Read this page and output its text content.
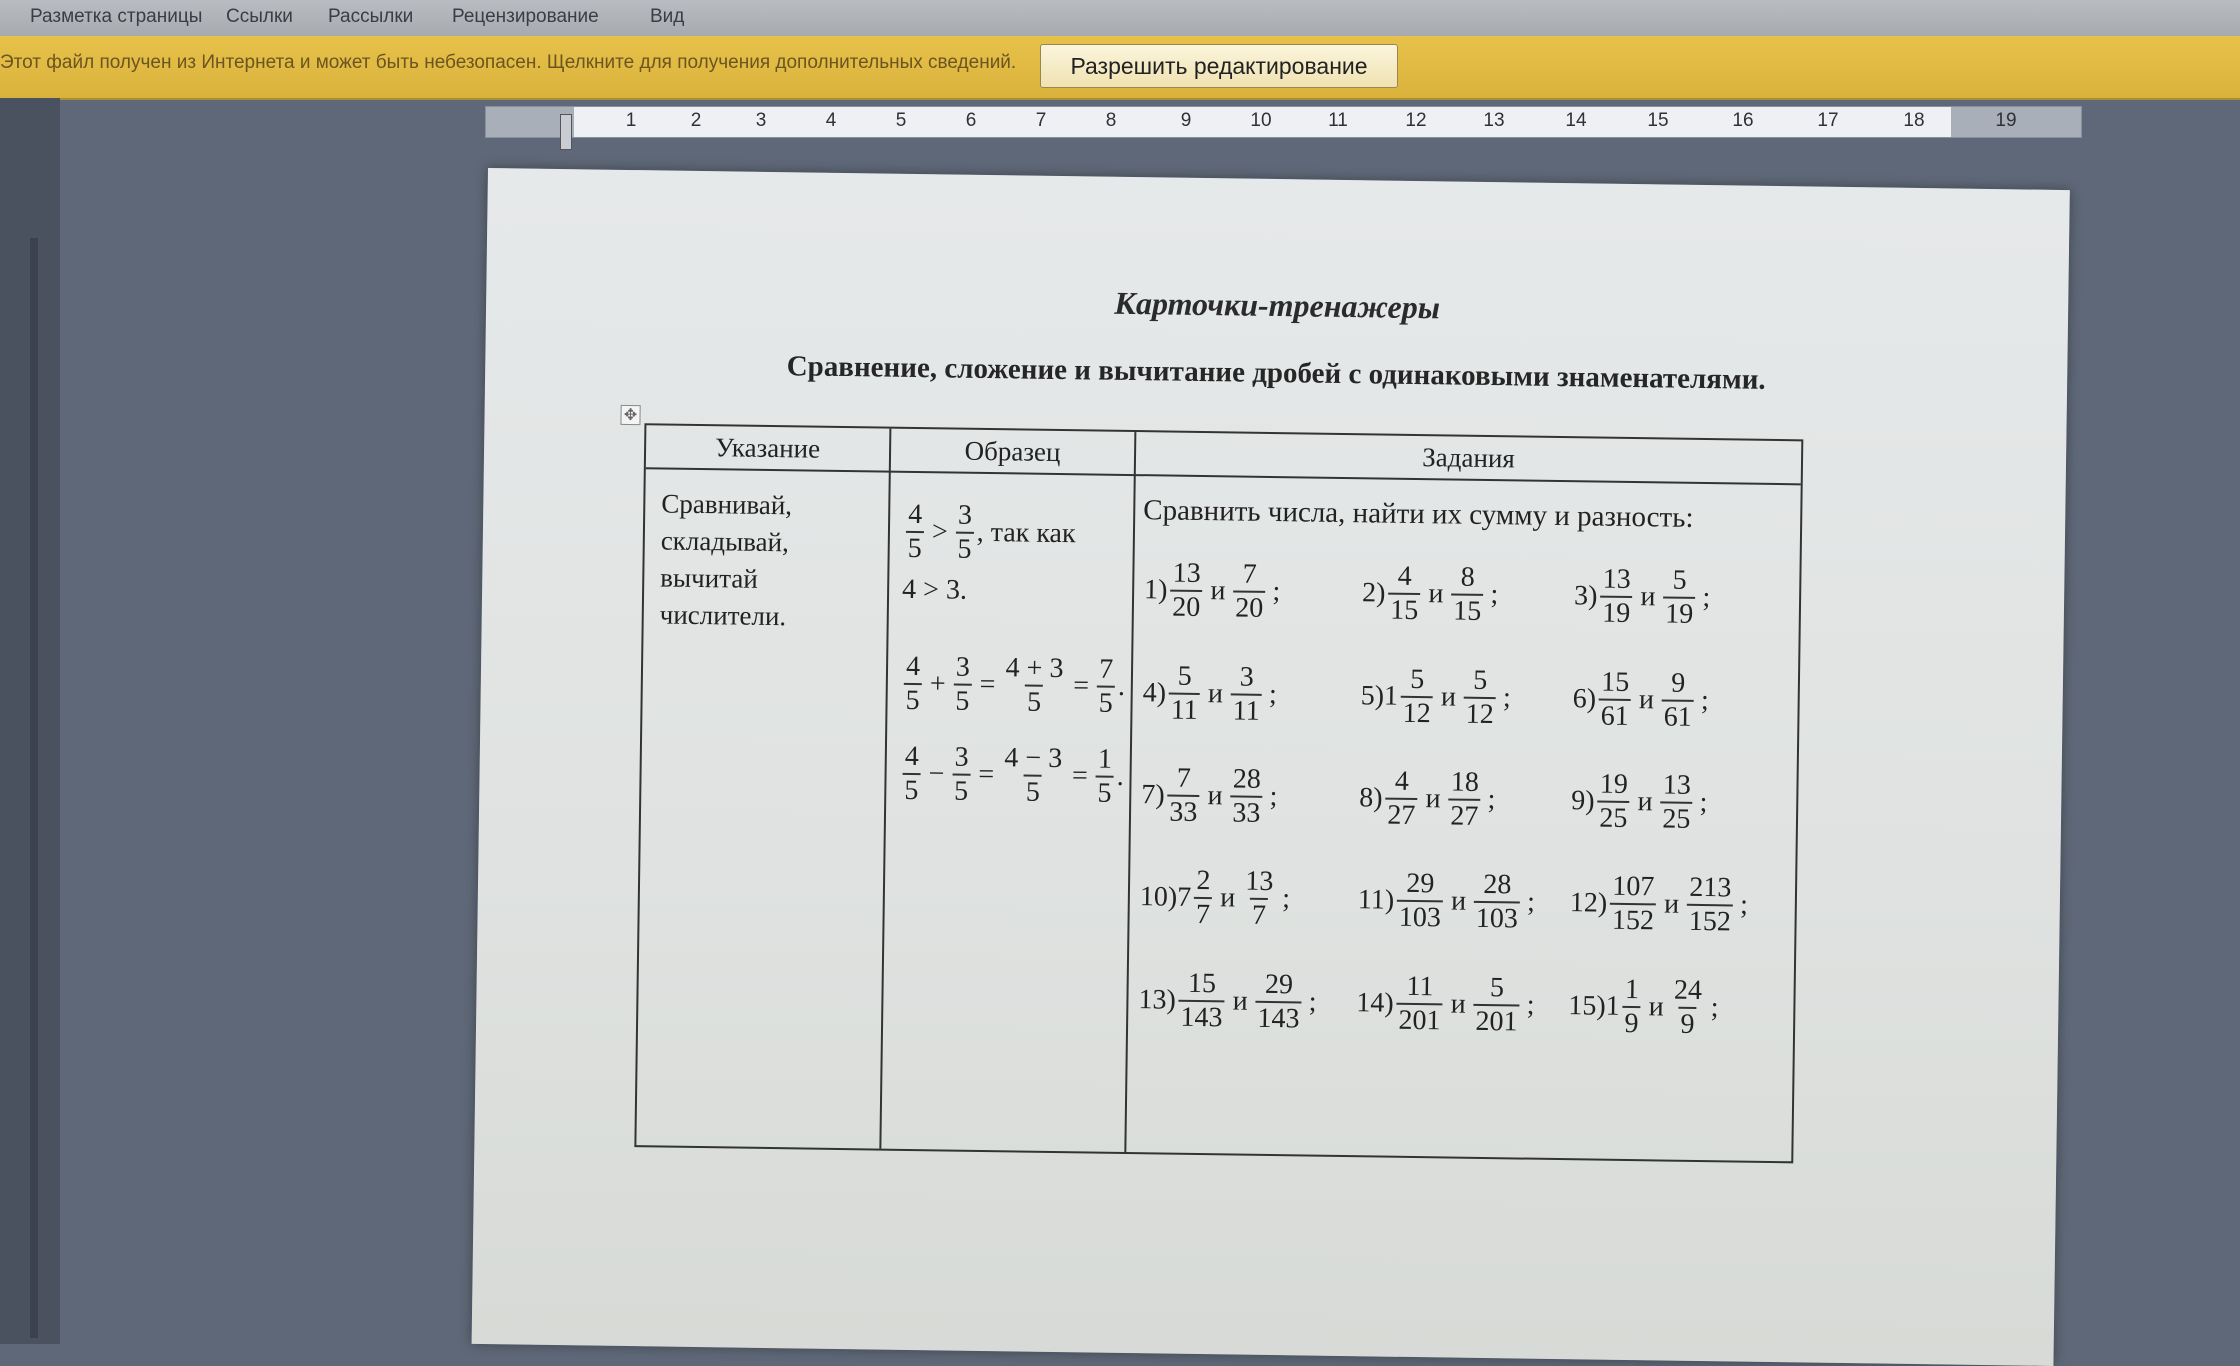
Разметка страницы Ссылки Рассылки Рецензирование	Вид
Этот файл получен из Интернета и может быть небезопасен. Щелкните для получения дополнительных сведений.	Разрешить редактирование
1	2	3	4	5	6	7	8	9	10	11	12	13	14	15	16	17	18	19
Карточки-тренажеры
Сравнение, сложение и вычитание дробей с одинаковыми знаменателями.
✥
Указание	Образец	Задания
Сравнивай, складывай, вычитай числители.
$\frac{4}{5} > \frac{3}{5}$ , так как
4 > 3.
$\frac{4}{5} + \frac{3}{5} = \frac{4 + 3}{5} = \frac{7}{5}$ .
$\frac{4}{5} - \frac{3}{5} = \frac{4 - 3}{5} = \frac{1}{5}$ .
Сравнить числа, найти их сумму и разность:
$1) \frac{13}{20}$ и $\frac{7}{20}$ ;	$2) \frac{4}{15}$ и $\frac{8}{15}$ ;	$3) \frac{13}{19}$ и $\frac{5}{19}$ ;
$4) \frac{5}{11}$ и $\frac{3}{11}$ ;	5) $1 \frac{5}{12}$ и $\frac{5}{12}$ ; $6) \frac{15}{61}$ и $\frac{9}{61}$ ;
$7) \frac{7}{33}$ и $\frac{28}{33}$ ;	$8) \frac{4}{27}$ и $\frac{18}{27}$ ;	$9) \frac{19}{25}$ и $\frac{13}{25}$ ;
10) $7 \frac{2}{7}$ и $\frac{13}{7}$ ; $11) \frac{29}{103}$ и $\frac{28}{103}$ ; $12) \frac{107}{152}$ и $\frac{213}{152}$ ;
$13) \frac{15}{143}$ и $\frac{29}{143}$ ; $14) \frac{11}{201}$ и $\frac{5}{201}$ ; 15) $1 \frac{1}{9}$ и $\frac{24}{9}$ ;
